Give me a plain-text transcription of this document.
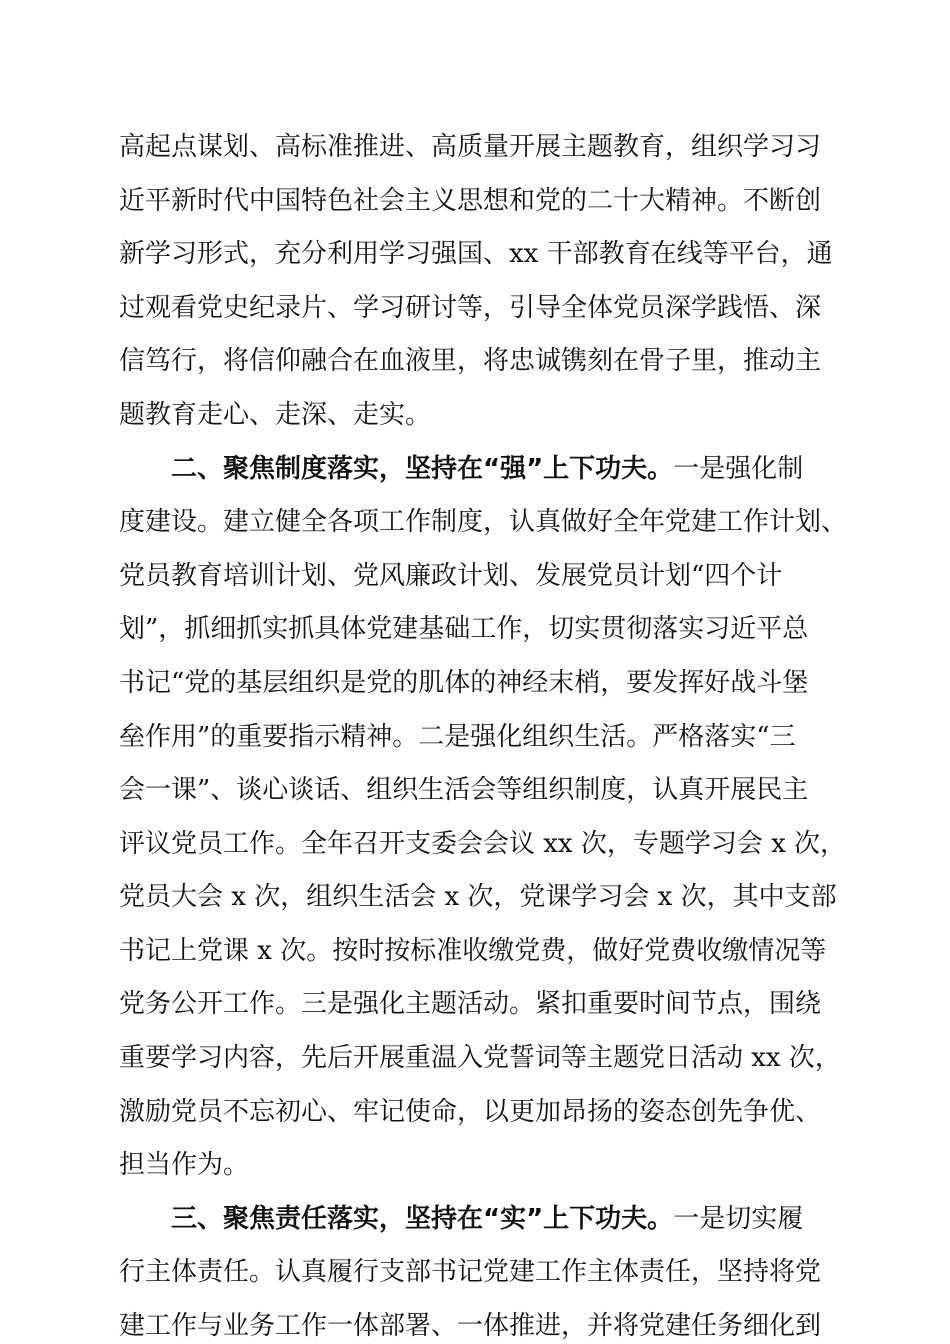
高起点谋划、高标准推进、高质量开展主题教育，组织学习习
近平新时代中国特色社会主义思想和党的二十大精神。不断创
新学习形式，充分利用学习强国、xx 干部教育在线等平台，通
过观看党史纪录片、学习研讨等，引导全体党员深学践悟、深
信笃行，将信仰融合在血液里，将忠诚镌刻在骨子里，推动主
题教育走心、走深、走实。
二、聚焦制度落实，坚持在“强”上下功夫。一是强化制
度建设。建立健全各项工作制度，认真做好全年党建工作计划、
党员教育培训计划、党风廉政计划、发展党员计划“四个计
划”，抓细抓实抓具体党建基础工作，切实贯彻落实习近平总
书记“党的基层组织是党的肌体的神经末梢，要发挥好战斗堡
垒作用”的重要指示精神。二是强化组织生活。严格落实“三
会一课”、谈心谈话、组织生活会等组织制度，认真开展民主
评议党员工作。全年召开支委会会议 xx 次，专题学习会 x 次，
党员大会 x 次，组织生活会 x 次，党课学习会 x 次，其中支部
书记上党课 x 次。按时按标准收缴党费，做好党费收缴情况等
党务公开工作。三是强化主题活动。紧扣重要时间节点，围绕
重要学习内容，先后开展重温入党誓词等主题党日活动 xx 次，
激励党员不忘初心、牢记使命，以更加昂扬的姿态创先争优、
担当作为。
三、聚焦责任落实，坚持在“实”上下功夫。一是切实履
行主体责任。认真履行支部书记党建工作主体责任，坚持将党
建工作与业务工作一体部署、一体推进，并将党建任务细化到
